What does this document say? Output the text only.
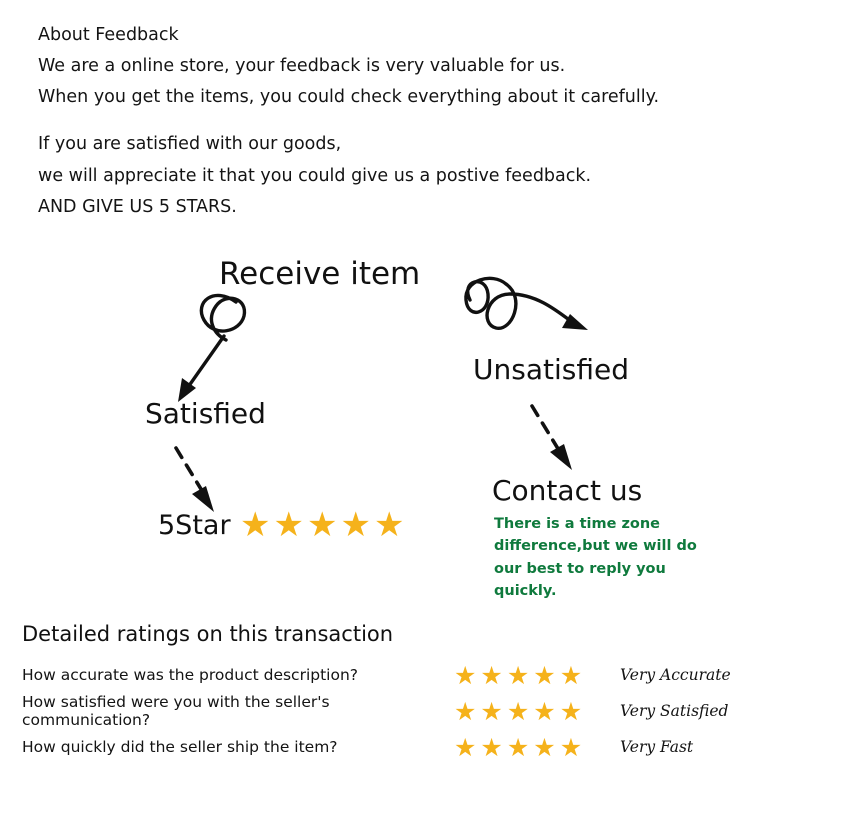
About Feedback

We are a online store, your feedback is very valuable for us.

When you get the items, you could check everything about it carefully.

If you are satisfied with our goods,

we will appreciate it that you could give us a postive feedback.

AND GIVE US 5 STARS.

Receive item
Satisfied
Unsatisfied
Contact us
5Star	There is a time zone difference,but we will do our best to reply you quickly.
★ ★ ★ ★ ★
Detailed ratings on this transaction
How accurate was the product description?	★ ★ ★ ★ ★ Very Accurate
How satisfied were you with the seller's communication?	★ ★ ★ ★ ★ Very Satisfied
How quickly did the seller ship the item?	★ ★ ★ ★ ★ Very Fast
